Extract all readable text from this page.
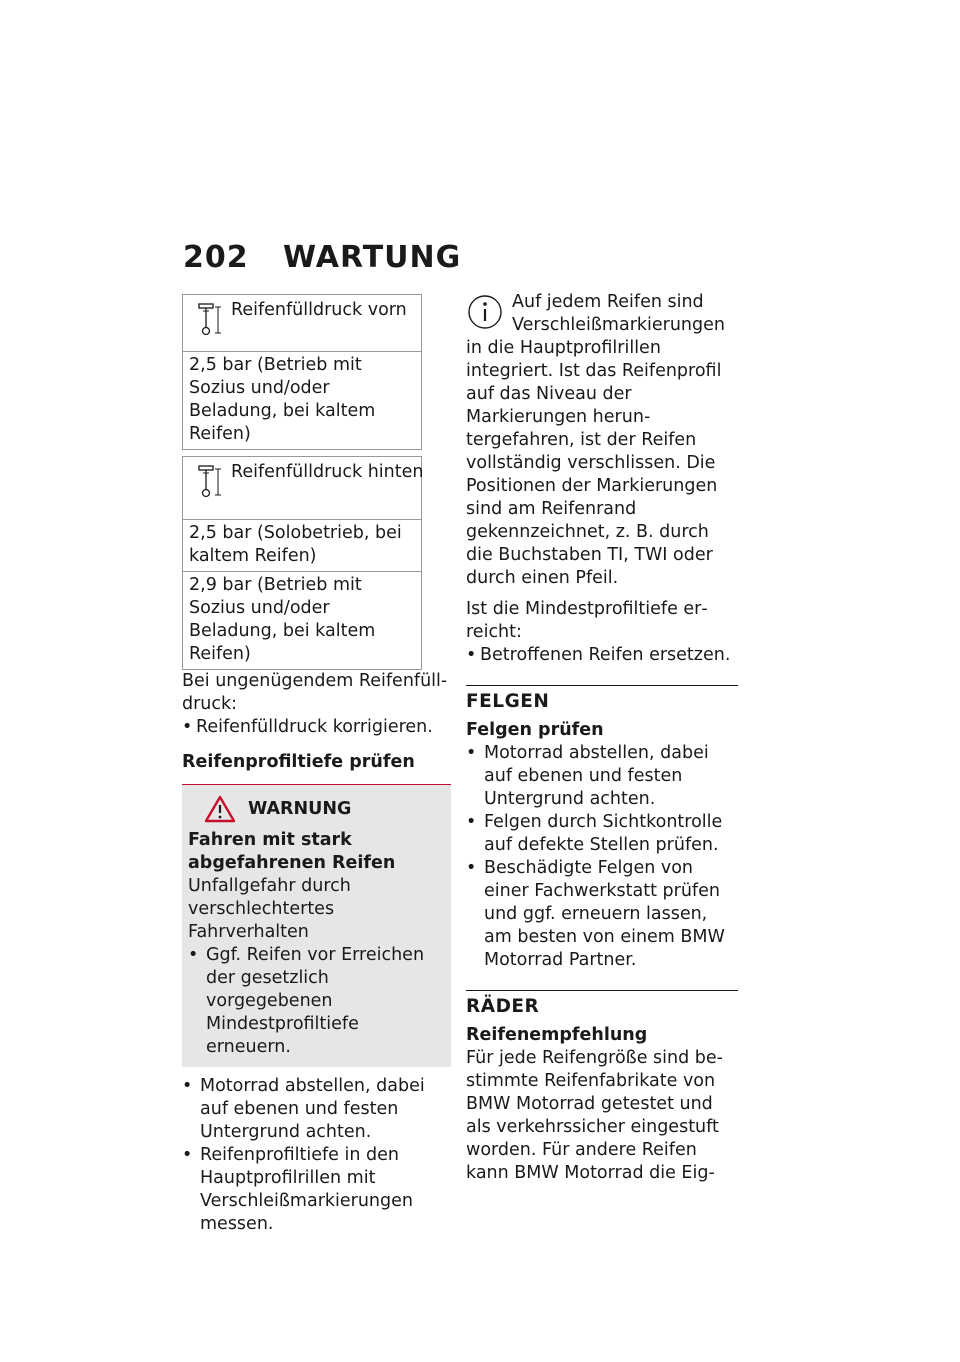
202 WARTUNG
Reifenfülldruck vorn
2,5 bar (Betrieb mit Sozius und/oder Beladung, bei kaltem Reifen)
Reifenfülldruck hinten
2,5 bar (Solobetrieb, bei kaltem Reifen)
2,9 bar (Betrieb mit Sozius und/oder Beladung, bei kaltem Reifen)

Bei ungenügendem Reifenfülldruck:

• Reifenfülldruck korrigieren.
Reifenprofiltiefe prüfen
WARNUNG
Fahren mit stark abgefahrenen Reifen
Unfallgefahr durch verschlechtertes Fahrverhalten
• Ggf. Reifen vor Erreichen der gesetzlich vorgegebenen Mindestprofiltiefe erneuern.
• Motorrad abstellen, dabei auf ebenen und festen Untergrund achten.
• Reifenprofiltiefe in den Hauptprofilrillen mit Verschleißmarkierungen messen.
Auf jedem Reifen sind Verschleißmarkierungen in die Hauptprofilrillen integriert. Ist das Reifenprofil auf das Niveau der Markierungen heruntergefahren, ist der Reifen vollständig verschlissen. Die Positionen der Markierungen sind am Reifenrand gekennzeichnet, z. B. durch die Buchstaben TI, TWI oder durch einen Pfeil.

Ist die Mindestprofiltiefe erreicht:

• Betroffenen Reifen ersetzen.
FELGEN
Felgen prüfen
• Motorrad abstellen, dabei auf ebenen und festen Untergrund achten.
• Felgen durch Sichtkontrolle auf defekte Stellen prüfen.
• Beschädigte Felgen von einer Fachwerkstatt prüfen und ggf. erneuern lassen, am besten von einem BMW Motorrad Partner.
RÄDER
Reifenempfehlung

Für jede Reifengröße sind bestimmte Reifenfabrikate von BMW Motorrad getestet und als verkehrssicher eingestuft worden. Für andere Reifen kann BMW Motorrad die Eig-
